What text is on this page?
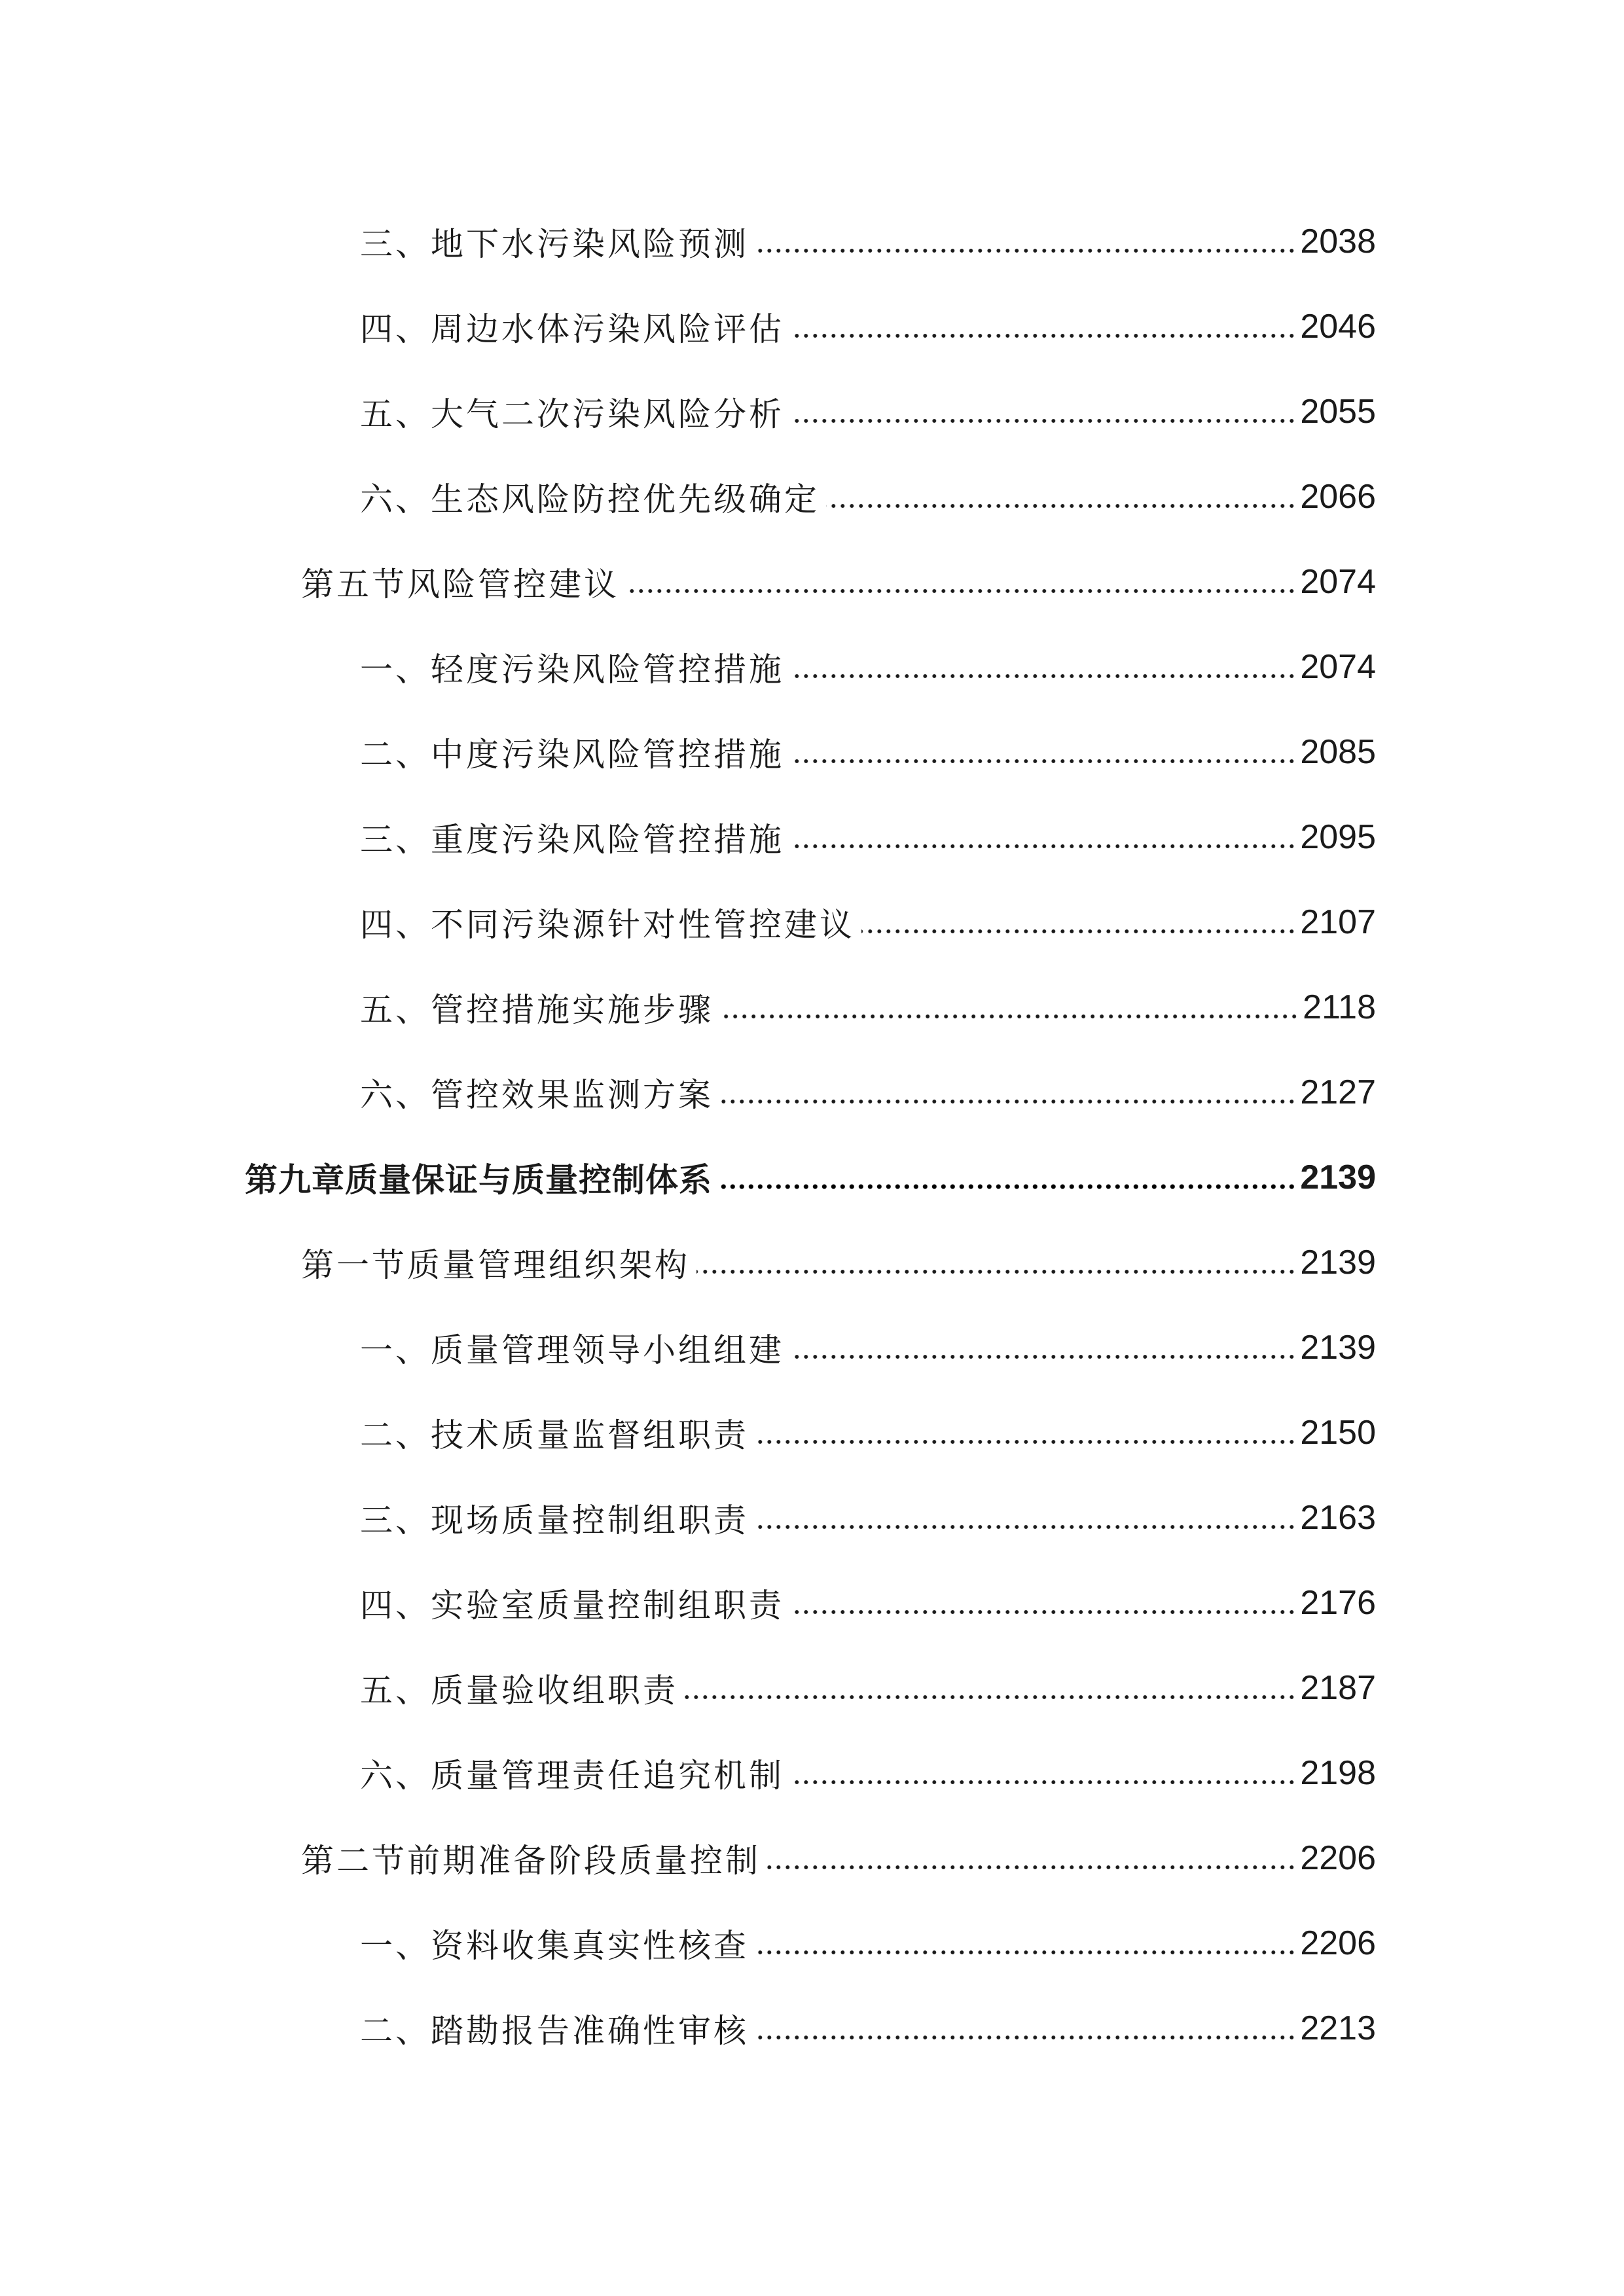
三、地下水污染风险预测	2038
四、周边水体污染风险评估	2046
五、大气二次污染风险分析	2055
六、生态风险防控优先级确定	2066
第五节风险管控建议	2074
一、轻度污染风险管控措施	2074
二、中度污染风险管控措施	2085
三、重度污染风险管控措施	2095
四、不同污染源针对性管控建议	2107
五、管控措施实施步骤	2118
六、管控效果监测方案	2127
第九章质量保证与质量控制体系	2139
第一节质量管理组织架构	2139
一、质量管理领导小组组建	2139
二、技术质量监督组职责	2150
三、现场质量控制组职责	2163
四、实验室质量控制组职责	2176
五、质量验收组职责	2187
六、质量管理责任追究机制	2198
第二节前期准备阶段质量控制	2206
一、资料收集真实性核查	2206
二、踏勘报告准确性审核	2213
